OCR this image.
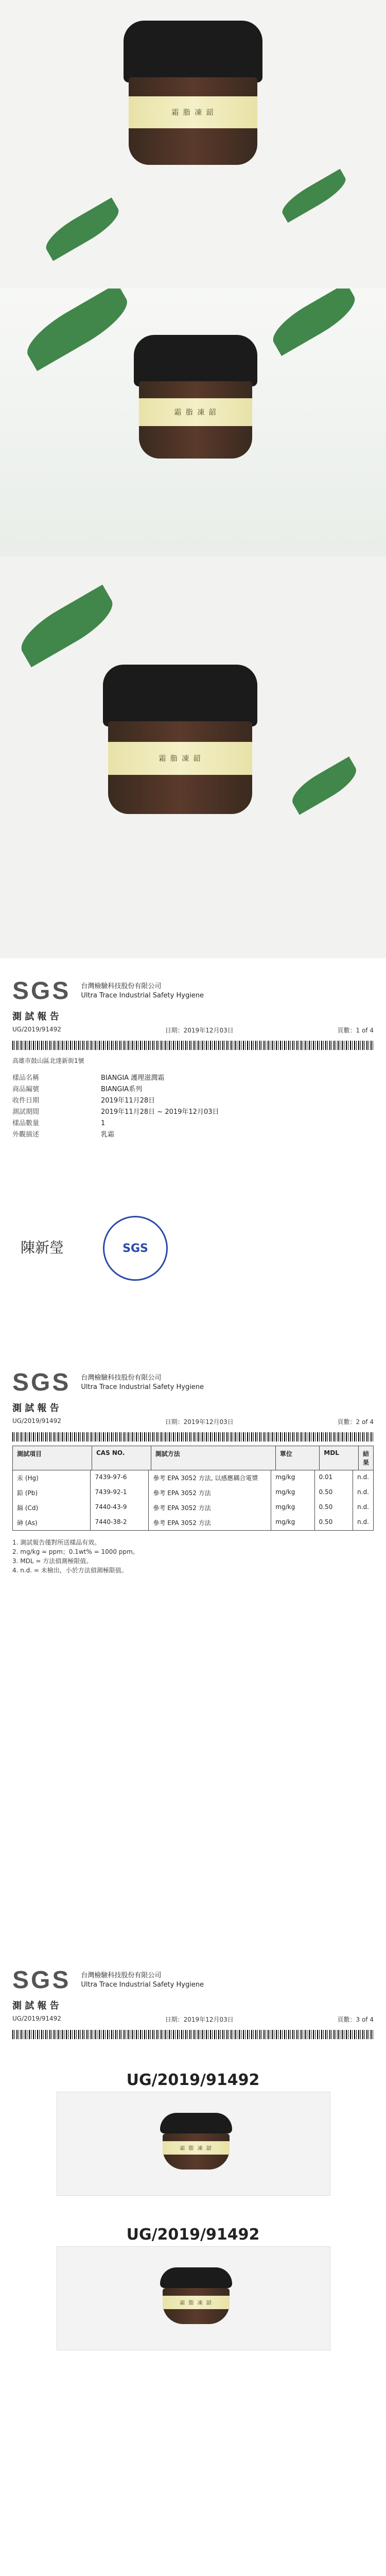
霜 脂 凍 韶
霜 脂 凍 韶
霜 脂 凍 韶
SGS 台灣檢驗科技股份有限公司
Ultra Trace Industrial Safety Hygiene
測 試 報 告
UG/2019/91492	日期：2019年12月03日	頁數：1 of 4
高雄市鼓山區北達新街1號
樣品名稱	BIANGIA 護理滋潤霜
商品編號	BIANGIA系列
收件日期	2019年11月28日
測試期間	2019年11月28日 ~ 2019年12月03日
樣品數量	1
外觀描述	乳霜
陳新瑩	SGS
SGS 台灣檢驗科技股份有限公司
Ultra Trace Industrial Safety Hygiene
測 試 報 告
UG/2019/91492	日期：2019年12月03日	頁數：2 of 4
測試項目	CAS NO.	測試方法	單位	MDL	結果
汞 (Hg)	7439-97-6	參考 EPA 3052 方法, 以感應耦合電漿	mg/kg	0.01	n.d.
鉛 (Pb)	7439-92-1	參考 EPA 3052 方法	mg/kg	0.50	n.d.
鎘 (Cd)	7440-43-9	參考 EPA 3052 方法	mg/kg	0.50	n.d.
砷 (As)	7440-38-2	參考 EPA 3052 方法	mg/kg	0.50	n.d.
1. 測試報告僅對所送樣品有效。
2. mg/kg = ppm；0.1wt% = 1000 ppm。
3. MDL = 方法偵測極限值。
4. n.d. = 未檢出，小於方法偵測極限值。
SGS 台灣檢驗科技股份有限公司
Ultra Trace Industrial Safety Hygiene
測 試 報 告
UG/2019/91492	日期：2019年12月03日	頁數：3 of 4
UG/2019/91492
霜 脂 凍 韶
UG/2019/91492
霜 脂 凍 韶
